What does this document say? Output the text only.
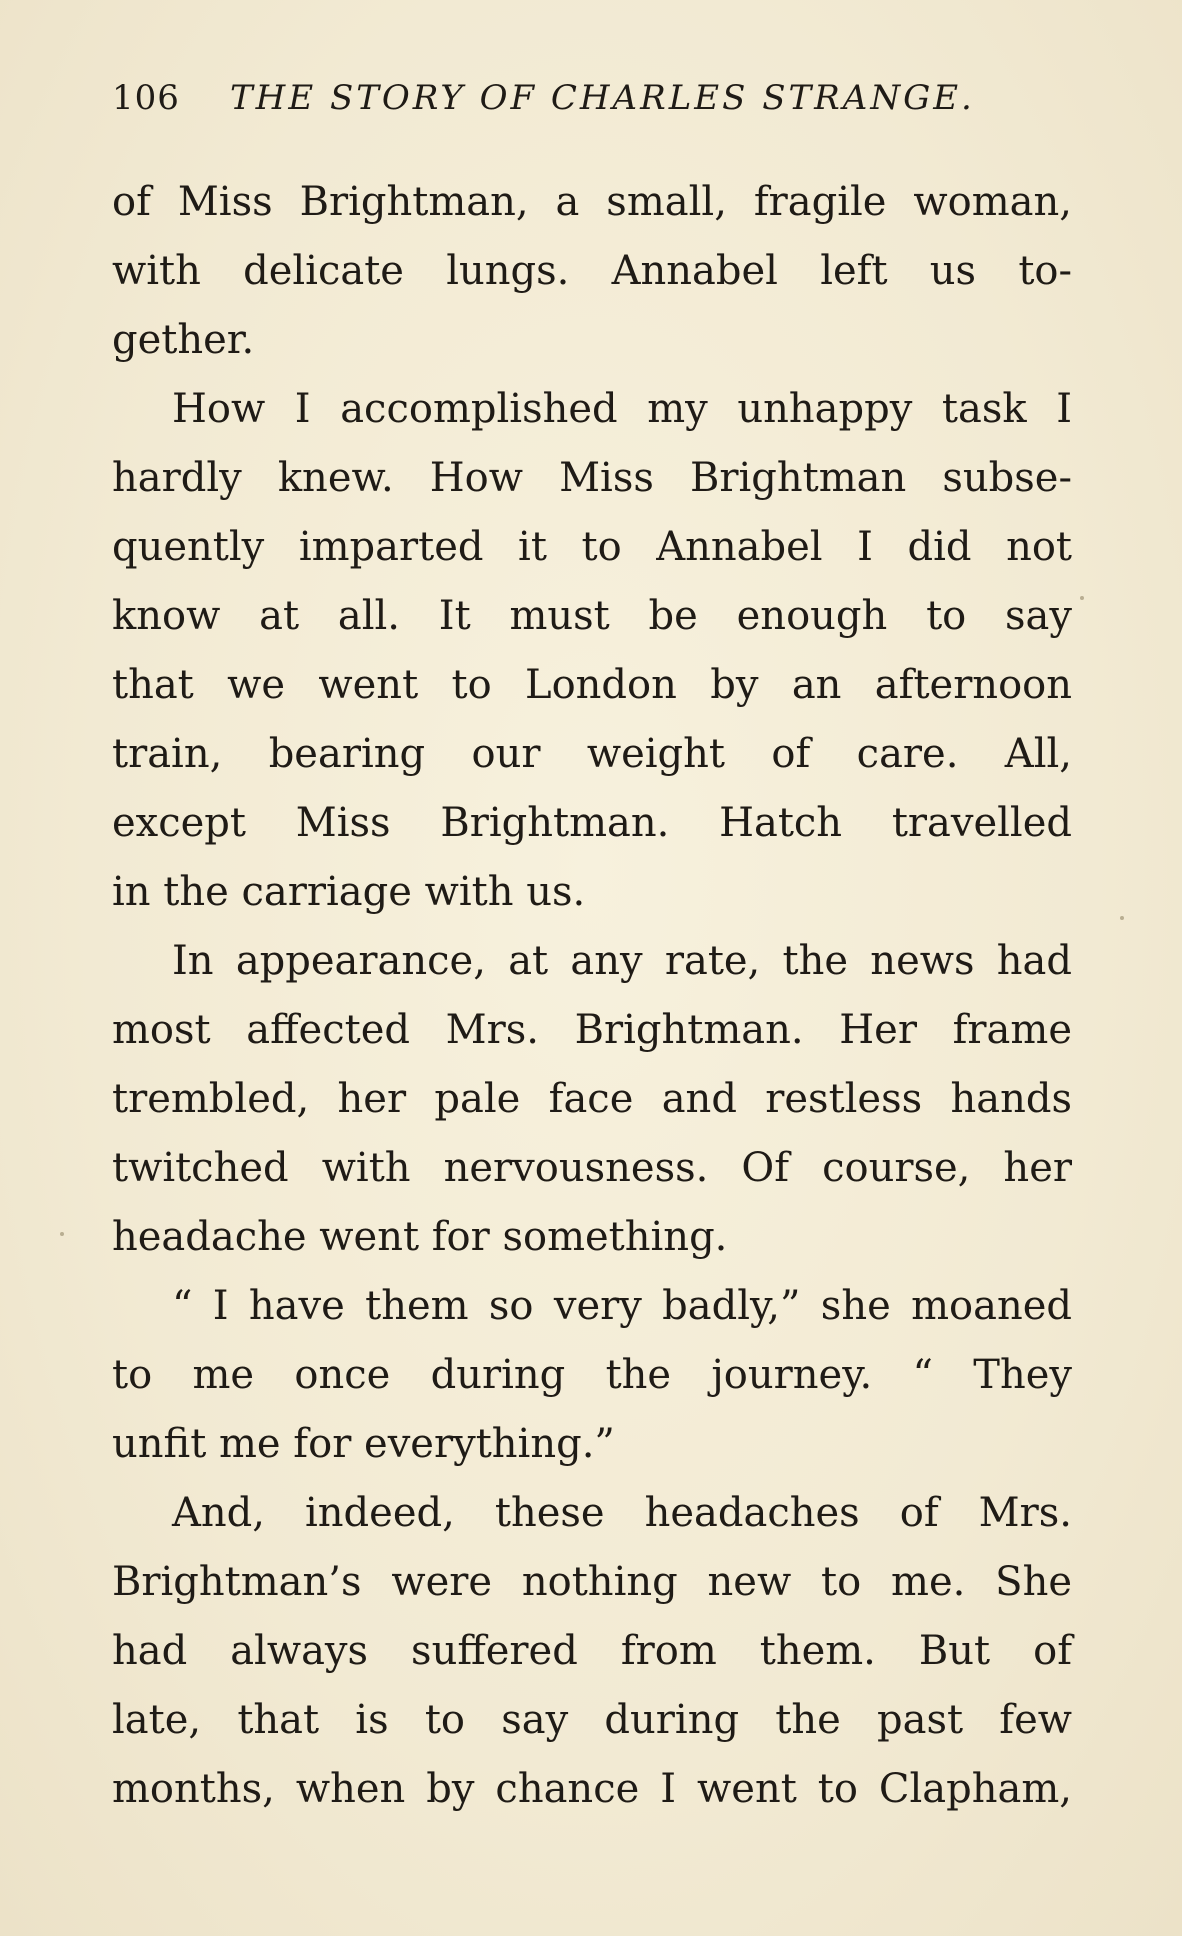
106 THE STORY OF CHARLES STRANGE.
of Miss Brightman, a small, fragile woman,
with delicate lungs. Annabel left us to-
gether.
How I accomplished my unhappy task I
hardly knew. How Miss Brightman subse-
quently imparted it to Annabel I did not
know at all. It must be enough to say
that we went to London by an afternoon
train, bearing our weight of care. All,
except Miss Brightman. Hatch travelled
in the carriage with us.
In appearance, at any rate, the news had
most affected Mrs. Brightman. Her frame
trembled, her pale face and restless hands
twitched with nervousness. Of course, her
headache went for something.
“ I have them so very badly,” she moaned
to me once during the journey. “ They
unfit me for everything.”
And, indeed, these headaches of Mrs.
Brightman’s were nothing new to me. She
had always suffered from them. But of
late, that is to say during the past few
months, when by chance I went to Clapham,
